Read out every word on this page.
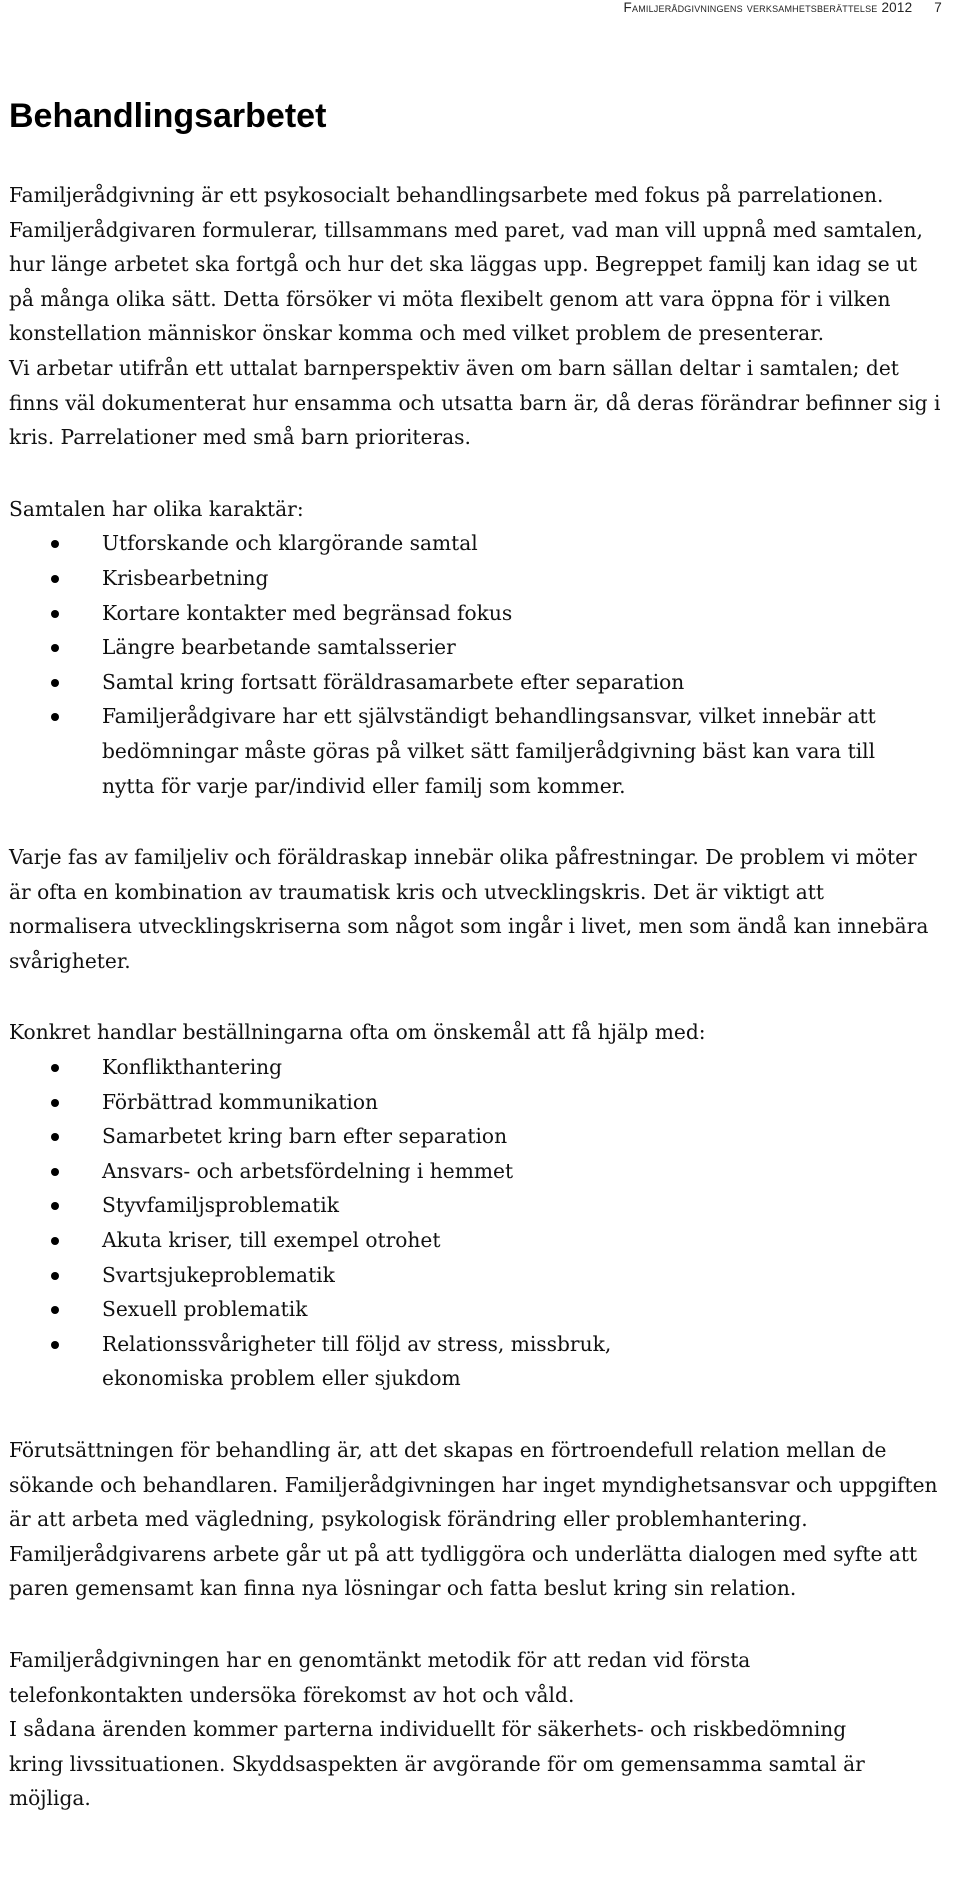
Familjerådgivningens verksamhetsberättelse 2012 7
Behandlingsarbetet

Familjerådgivning är ett psykosocialt behandlingsarbete med fokus på parrelationen. Familjerådgivaren formulerar, tillsammans med paret, vad man vill uppnå med samtalen, hur länge arbetet ska fortgå och hur det ska läggas upp. Begreppet familj kan idag se ut på många olika sätt. Detta försöker vi möta flexibelt genom att vara öppna för i vilken konstellation människor önskar komma och med vilket problem de presenterar.

Vi arbetar utifrån ett uttalat barnperspektiv även om barn sällan deltar i samtalen; det finns väl dokumenterat hur ensamma och utsatta barn är, då deras förändrar befinner sig i kris. Parrelationer med små barn prioriteras.

Samtalen har olika karaktär:

Utforskande och klargörande samtal
Krisbearbetning
Kortare kontakter med begränsad fokus
Längre bearbetande samtalsserier
Samtal kring fortsatt föräldrasamarbete efter separation
Familjerådgivare har ett självständigt behandlingsansvar, vilket innebär att bedömningar måste göras på vilket sätt familjerådgivning bäst kan vara till nytta för varje par/individ eller familj som kommer.

Varje fas av familjeliv och föräldraskap innebär olika påfrestningar. De problem vi möter är ofta en kombination av traumatisk kris och utvecklingskris. Det är viktigt att normalisera utvecklingskriserna som något som ingår i livet, men som ändå kan innebära svårigheter.

Konkret handlar beställningarna ofta om önskemål att få hjälp med:

Konflikthantering
Förbättrad kommunikation
Samarbetet kring barn efter separation
Ansvars- och arbetsfördelning i hemmet
Styvfamiljsproblematik
Akuta kriser, till exempel otrohet
Svartsjukeproblematik
Sexuell problematik
Relationssvårigheter till följd av stress, missbruk, ekonomiska problem eller sjukdom

Förutsättningen för behandling är, att det skapas en förtroendefull relation mellan de sökande och behandlaren. Familjerådgivningen har inget myndighetsansvar och uppgiften är att arbeta med vägledning, psykologisk förändring eller problemhantering. Familjerådgivarens arbete går ut på att tydliggöra och underlätta dialogen med syfte att paren gemensamt kan finna nya lösningar och fatta beslut kring sin relation.

Familjerådgivningen har en genomtänkt metodik för att redan vid första telefonkontakten undersöka förekomst av hot och våld.

I sådana ärenden kommer parterna individuellt för säkerhets- och riskbedömning kring livssituationen. Skyddsaspekten är avgörande för om gemensamma samtal är möjliga.
